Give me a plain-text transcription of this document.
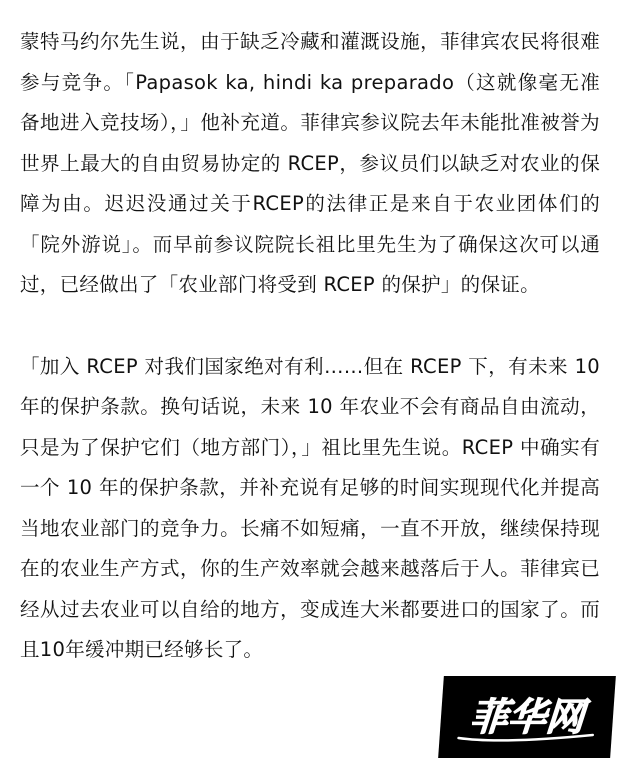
蒙特马约尔先生说，由于缺乏冷藏和灌溉设施，菲律宾农民将很难参与竞争。「Papasok ka, hindi ka preparado（这就像毫无准备地进入竞技场），」他补充道。菲律宾参议院去年未能批准被誉为世界上最大的自由贸易协定的 RCEP，参议员们以缺乏对农业的保障为由。迟迟没通过关于RCEP的法律正是来自于农业团体们的「院外游说」。而早前参议院院长祖比里先生为了确保这次可以通过，已经做出了「农业部门将受到 RCEP 的保护」的保证。

「加入 RCEP 对我们国家绝对有利……但在 RCEP 下，有未来 10 年的保护条款。换句话说，未来 10 年农业不会有商品自由流动，只是为了保护它们（地方部门），」祖比里先生说。RCEP 中确实有一个 10 年的保护条款，并补充说有足够的时间实现现代化并提高当地农业部门的竞争力。长痛不如短痛，一直不开放，继续保持现在的农业生产方式，你的生产效率就会越来越落后于人。菲律宾已经从过去农业可以自给的地方，变成连大米都要进口的国家了。而且10年缓冲期已经够长了。

菲华网
